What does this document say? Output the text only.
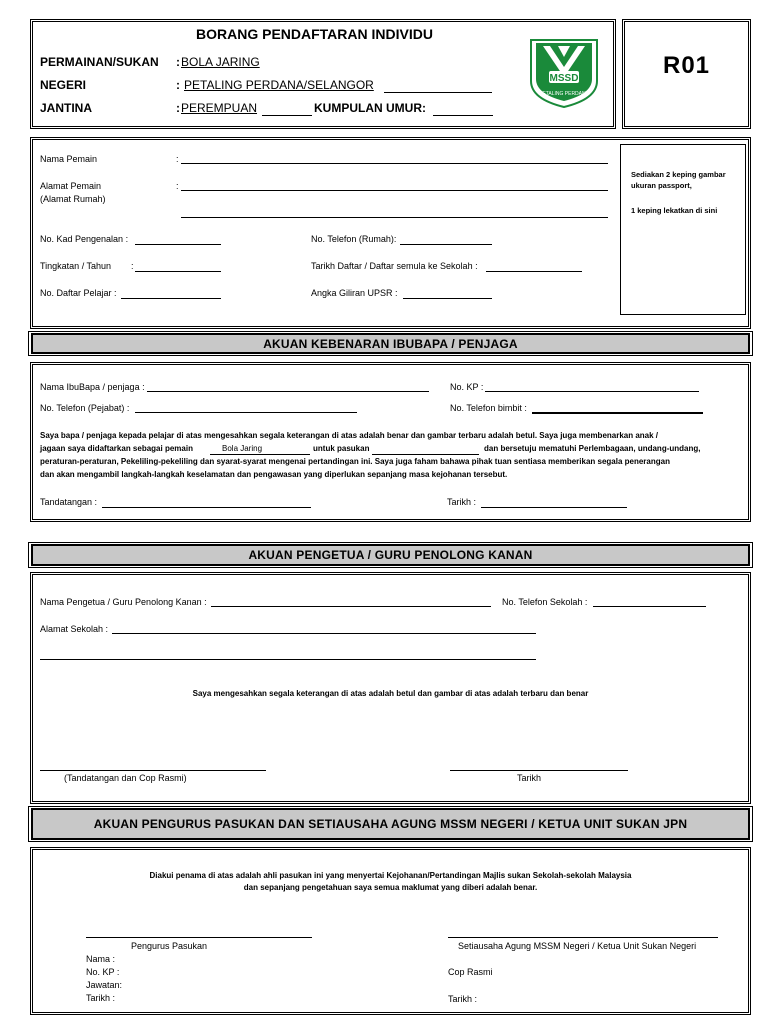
BORANG PENDAFTARAN INDIVIDU
PERMAINAN/SUKAN : BOLA JARING
NEGERI	: PETALING PERDANA/SELANGOR
JANTINA	: PEREMPUAN	KUMPULAN UMUR:
MSSD
PETALING PERDANA
R01
Sediakan 2 keping gambar
ukuran passport,
1 keping lekatkan di sini
Nama Pemain	:
Alamat Pemain
(Alamat Rumah)
:
No. Kad Pengenalan :	No. Telefon (Rumah):
Tingkatan / Tahun :	Tarikh Daftar / Daftar semula ke Sekolah :
No. Daftar Pelajar :	Angka Giliran UPSR :
AKUAN KEBENARAN IBUBAPA / PENJAGA
Nama IbuBapa / penjaga :	No. KP :
No. Telefon (Pejabat) :	No. Telefon bimbit :
Saya bapa / penjaga kepada pelajar di atas mengesahkan segala keterangan di atas adalah benar dan gambar terbaru adalah betul. Saya juga membenarkan anak /
jagaan saya didaftarkan sebagai pemain	Bola Jaring	untuk pasukan	dan bersetuju mematuhi Perlembagaan, undang-undang,
peraturan-peraturan, Pekeliling-pekeliling dan syarat-syarat mengenai pertandingan ini. Saya juga faham bahawa pihak tuan sentiasa memberikan segala penerangan
dan akan mengambil langkah-langkah keselamatan dan pengawasan yang diperlukan sepanjang masa kejohanan tersebut.
Tandatangan :	Tarikh :
AKUAN PENGETUA / GURU PENOLONG KANAN
Nama Pengetua / Guru Penolong Kanan :	No. Telefon Sekolah :
Alamat Sekolah :
Saya mengesahkan segala keterangan di atas adalah betul dan gambar di atas adalah terbaru dan benar
(Tandatangan dan Cop Rasmi)	Tarikh
AKUAN PENGURUS PASUKAN DAN SETIAUSAHA AGUNG MSSM NEGERI / KETUA UNIT SUKAN JPN
Diakui penama di atas adalah ahli pasukan ini yang menyertai Kejohanan/Pertandingan Majlis sukan Sekolah-sekolah Malaysia
dan sepanjang pengetahuan saya semua maklumat yang diberi adalah benar.
Pengurus Pasukan	Setiausaha Agung MSSM Negeri / Ketua Unit Sukan Negeri
Nama :
No. KP :
Jawatan:
Tarikh :
Cop Rasmi
Tarikh :
